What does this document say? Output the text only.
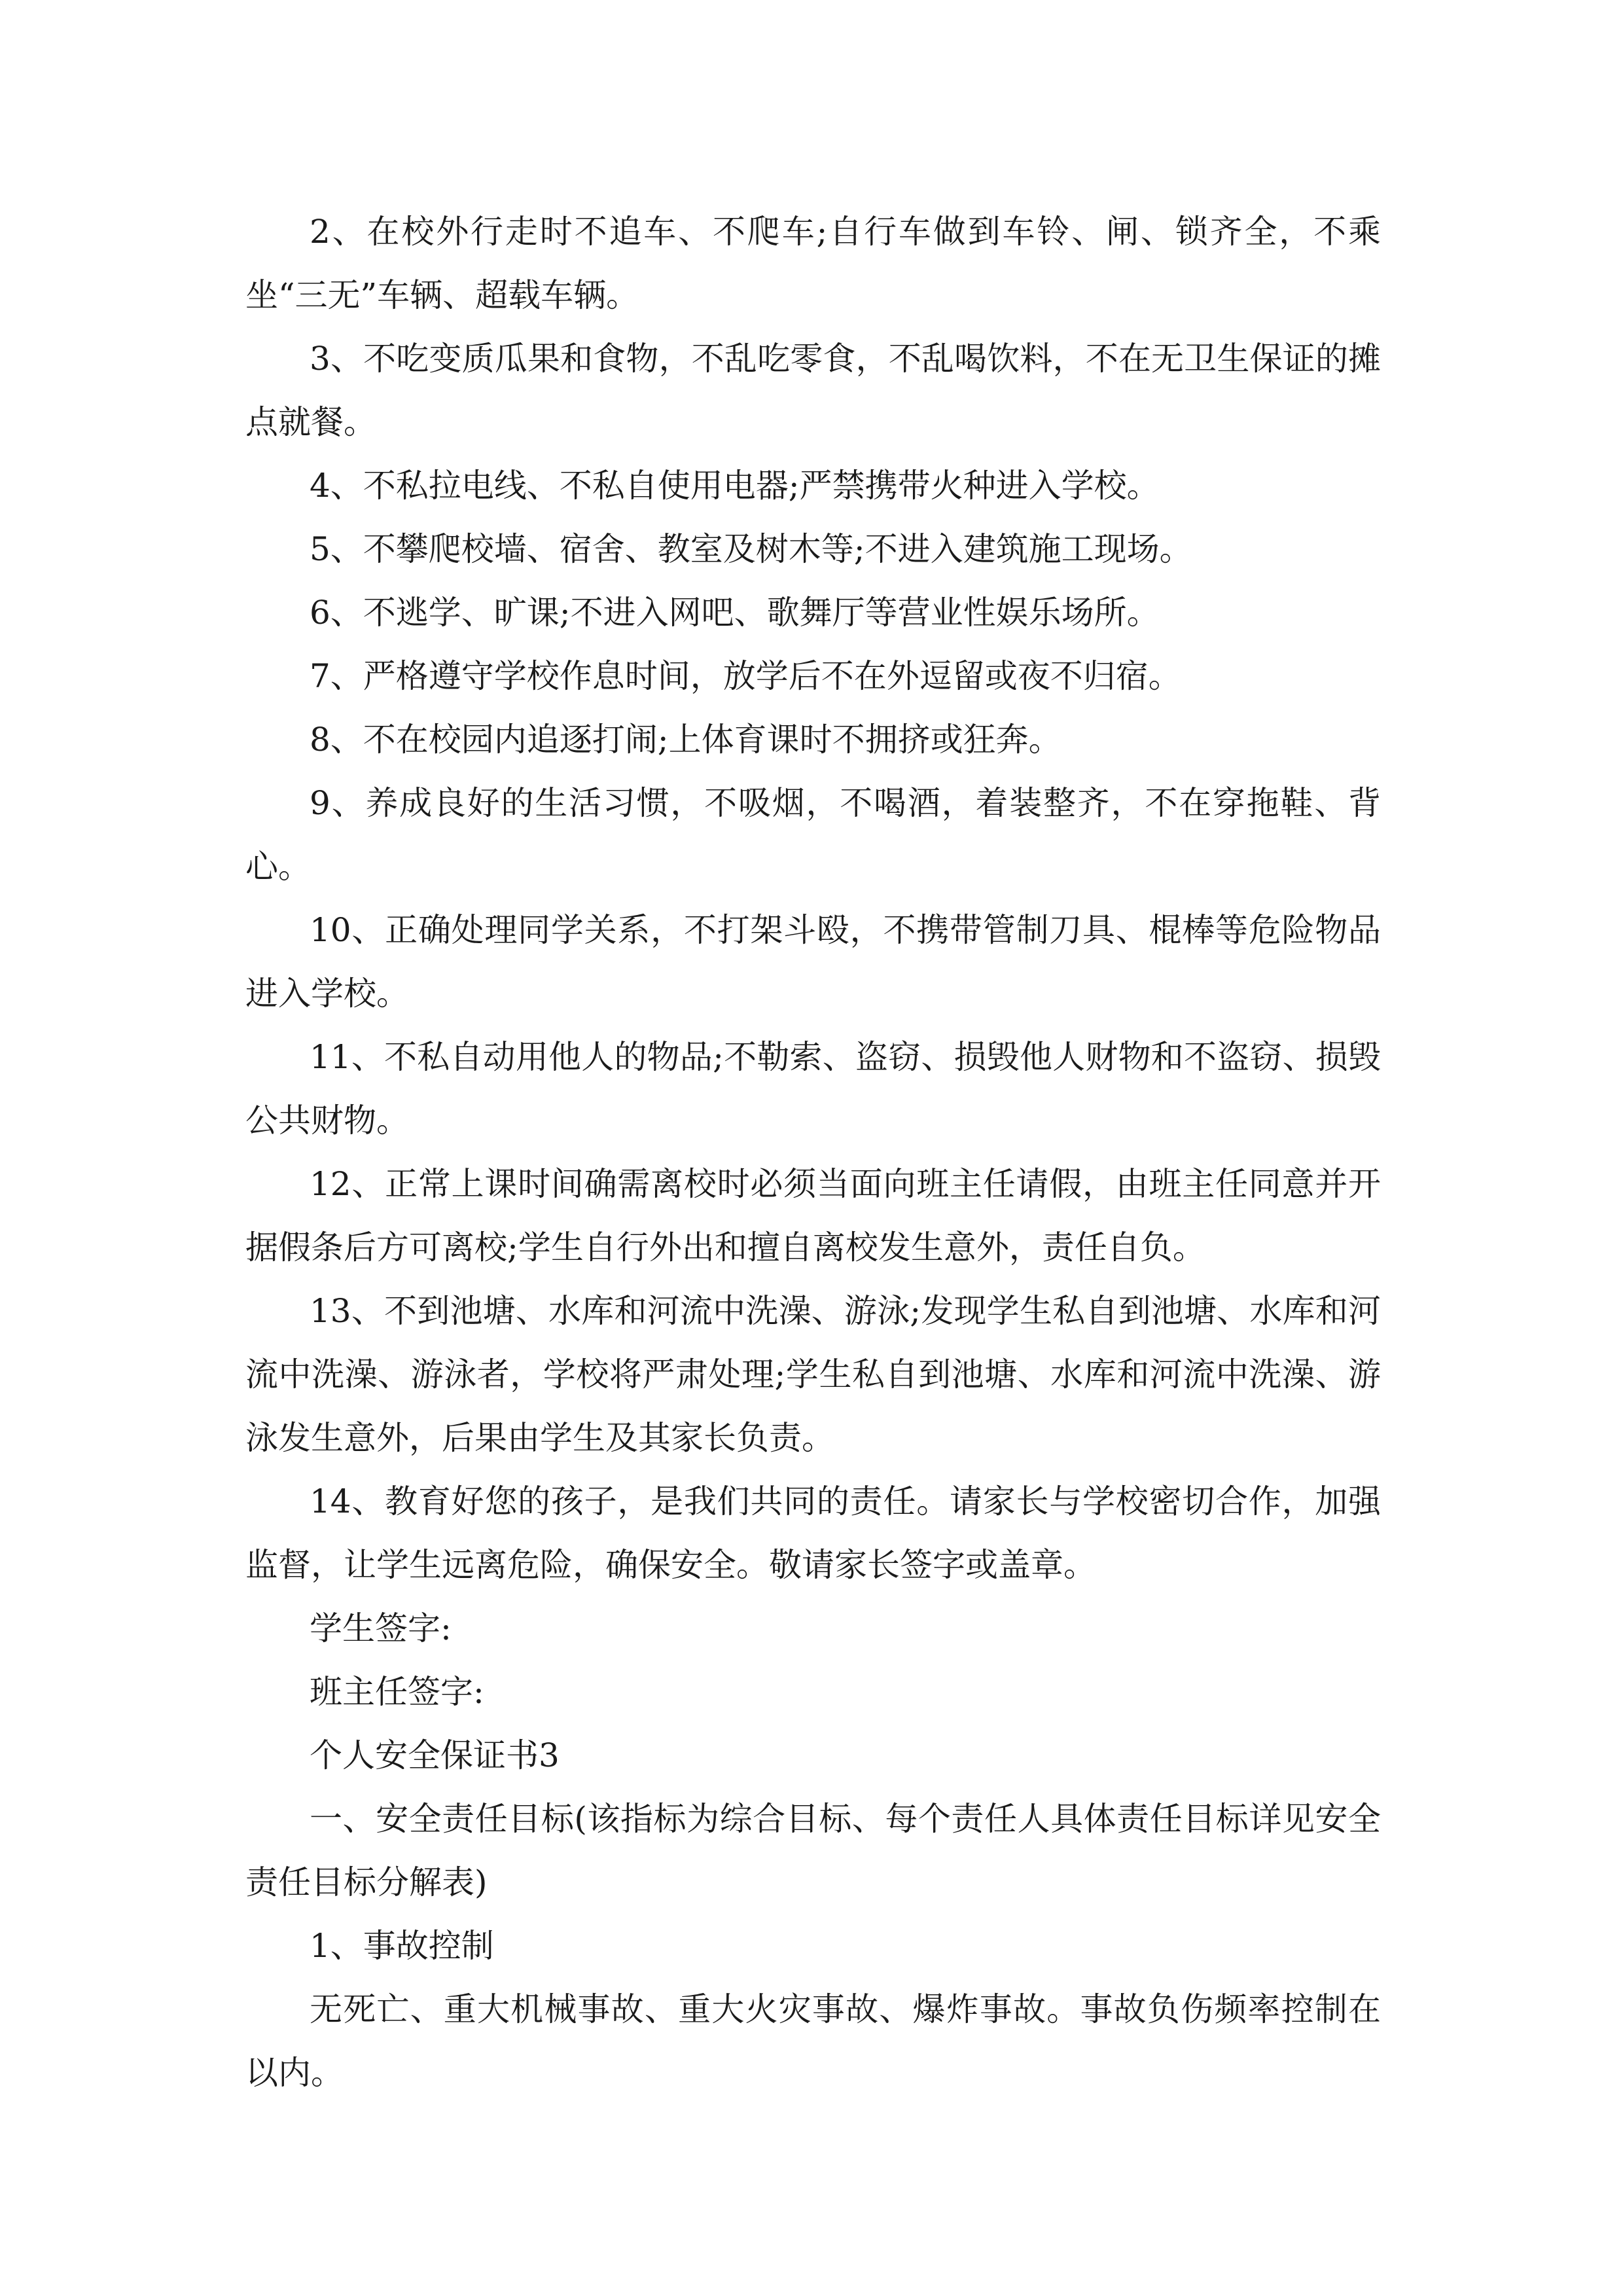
2、在校外行走时不追车、不爬车;自行车做到车铃、闸、锁齐全，不乘坐“三无”车辆、超载车辆。

3、不吃变质瓜果和食物，不乱吃零食，不乱喝饮料，不在无卫生保证的摊点就餐。

4、不私拉电线、不私自使用电器;严禁携带火种进入学校。

5、不攀爬校墙、宿舍、教室及树木等;不进入建筑施工现场。

6、不逃学、旷课;不进入网吧、歌舞厅等营业性娱乐场所。

7、严格遵守学校作息时间，放学后不在外逗留或夜不归宿。

8、不在校园内追逐打闹;上体育课时不拥挤或狂奔。

9、养成良好的生活习惯，不吸烟，不喝酒，着装整齐，不在穿拖鞋、背心。

10、正确处理同学关系，不打架斗殴，不携带管制刀具、棍棒等危险物品进入学校。

11、不私自动用他人的物品;不勒索、盗窃、损毁他人财物和不盗窃、损毁公共财物。

12、正常上课时间确需离校时必须当面向班主任请假，由班主任同意并开据假条后方可离校;学生自行外出和擅自离校发生意外，责任自负。

13、不到池塘、水库和河流中洗澡、游泳;发现学生私自到池塘、水库和河流中洗澡、游泳者，学校将严肃处理;学生私自到池塘、水库和河流中洗澡、游泳发生意外，后果由学生及其家长负责。

14、教育好您的孩子，是我们共同的责任。请家长与学校密切合作，加强监督，让学生远离危险，确保安全。敬请家长签字或盖章。

学生签字:

班主任签字:

个人安全保证书3

一、安全责任目标(该指标为综合目标、每个责任人具体责任目标详见安全责任目标分解表)

1、事故控制

无死亡、重大机械事故、重大火灾事故、爆炸事故。事故负伤频率控制在以内。
